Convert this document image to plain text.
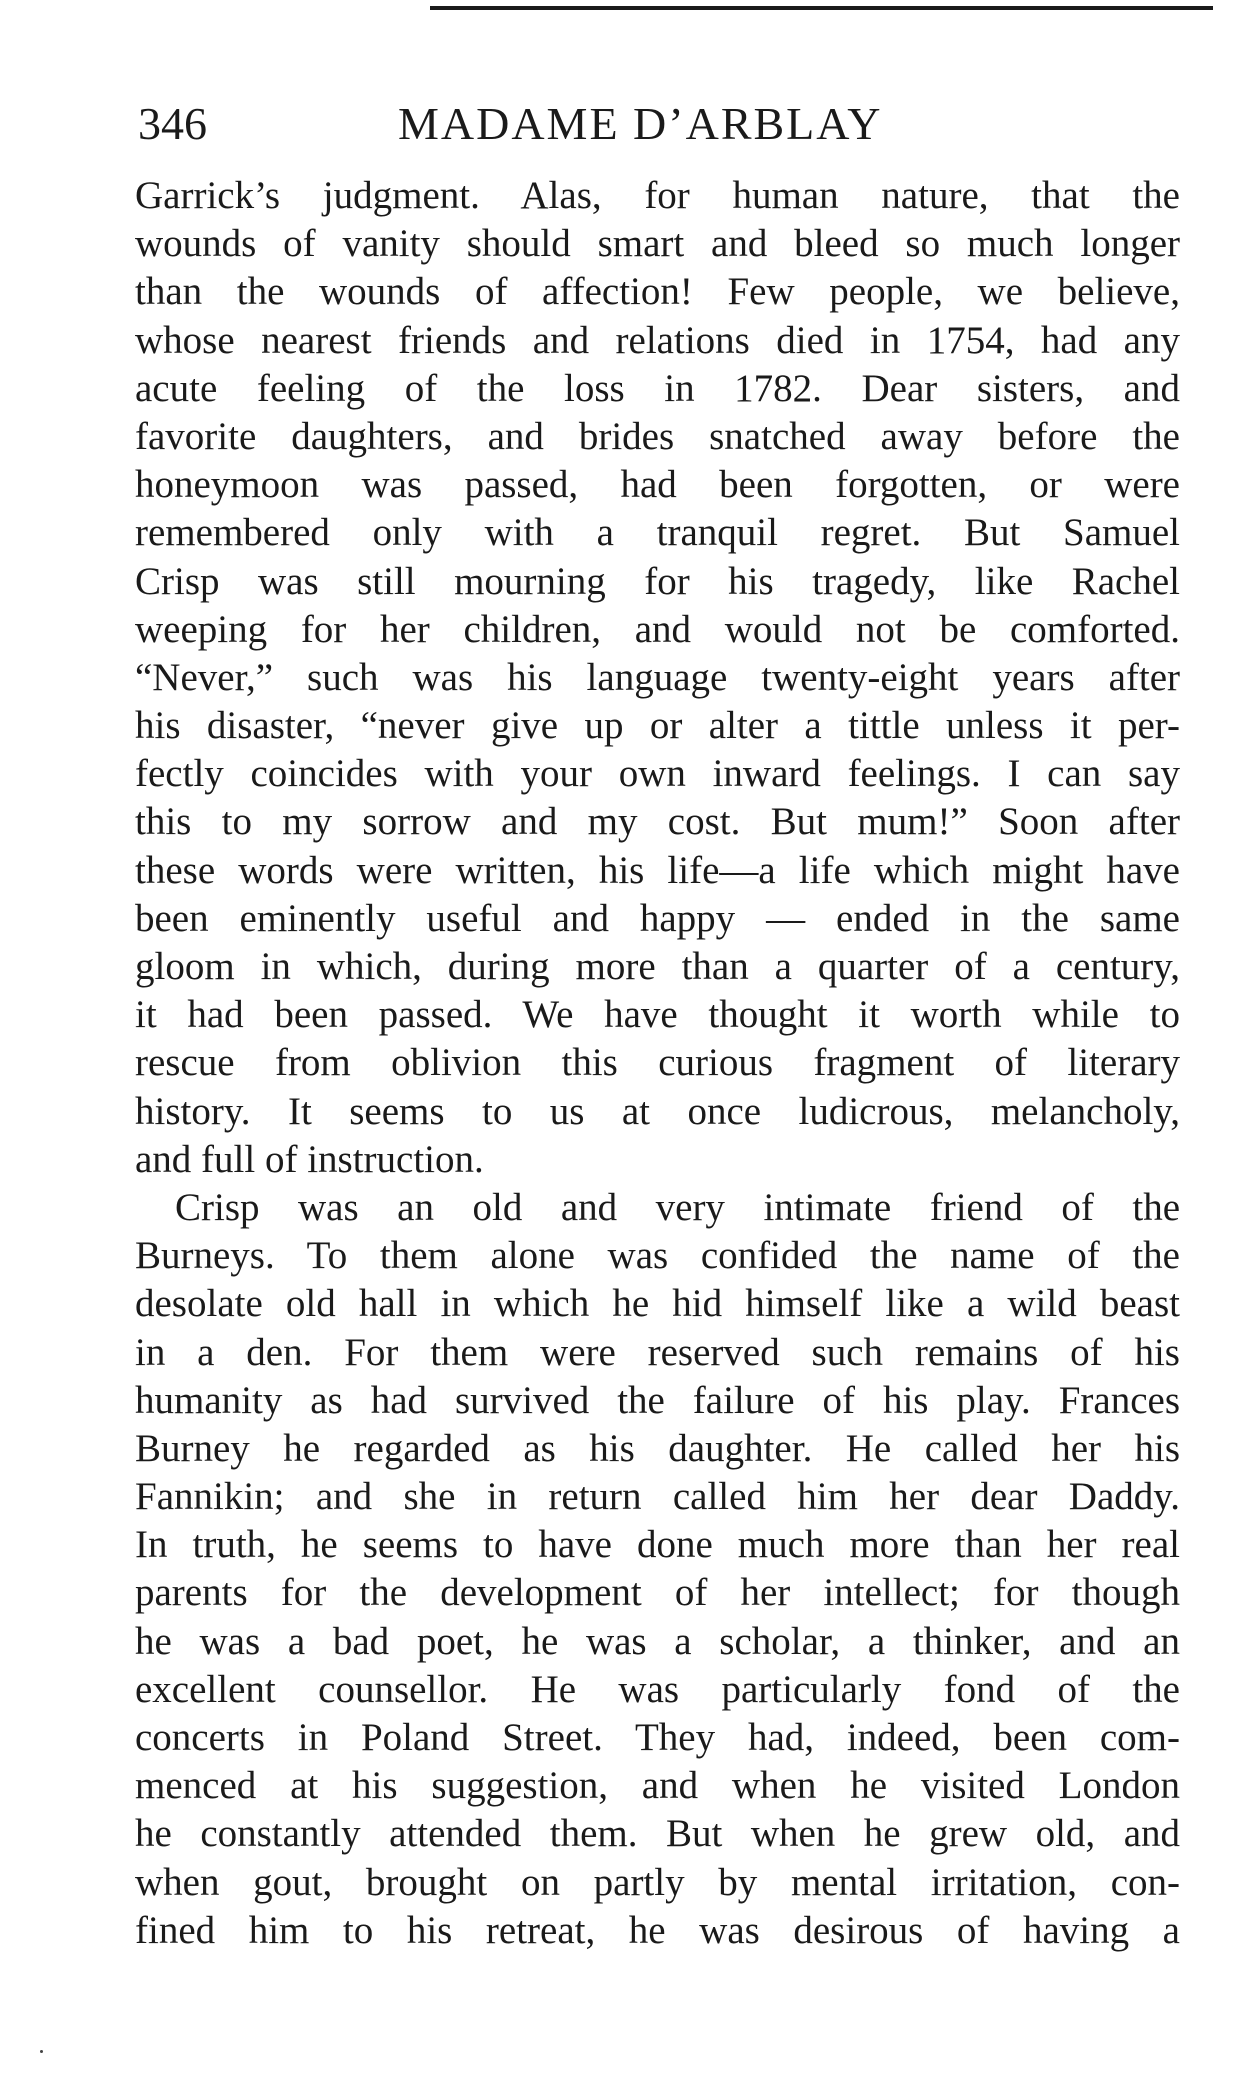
346	MADAME D’ARBLAY
Garrick’s judgment. Alas, for human nature, that the
wounds of vanity should smart and bleed so much longer
than the wounds of affection! Few people, we believe,
whose nearest friends and relations died in 1754, had any
acute feeling of the loss in 1782. Dear sisters, and
favorite daughters, and brides snatched away before the
honeymoon was passed, had been forgotten, or were
remembered only with a tranquil regret. But Samuel
Crisp was still mourning for his tragedy, like Rachel
weeping for her children, and would not be comforted.
“Never,” such was his language twenty-eight years after
his disaster, “never give up or alter a tittle unless it per-
fectly coincides with your own inward feelings. I can say
this to my sorrow and my cost. But mum!” Soon after
these words were written, his life—a life which might have
been eminently useful and happy — ended in the same
gloom in which, during more than a quarter of a century,
it had been passed. We have thought it worth while to
rescue from oblivion this curious fragment of literary
history. It seems to us at once ludicrous, melancholy,
and full of instruction.
Crisp was an old and very intimate friend of the
Burneys. To them alone was confided the name of the
desolate old hall in which he hid himself like a wild beast
in a den. For them were reserved such remains of his
humanity as had survived the failure of his play. Frances
Burney he regarded as his daughter. He called her his
Fannikin; and she in return called him her dear Daddy.
In truth, he seems to have done much more than her real
parents for the development of her intellect; for though
he was a bad poet, he was a scholar, a thinker, and an
excellent counsellor. He was particularly fond of the
concerts in Poland Street. They had, indeed, been com-
menced at his suggestion, and when he visited London
he constantly attended them. But when he grew old, and
when gout, brought on partly by mental irritation, con-
fined him to his retreat, he was desirous of having a
